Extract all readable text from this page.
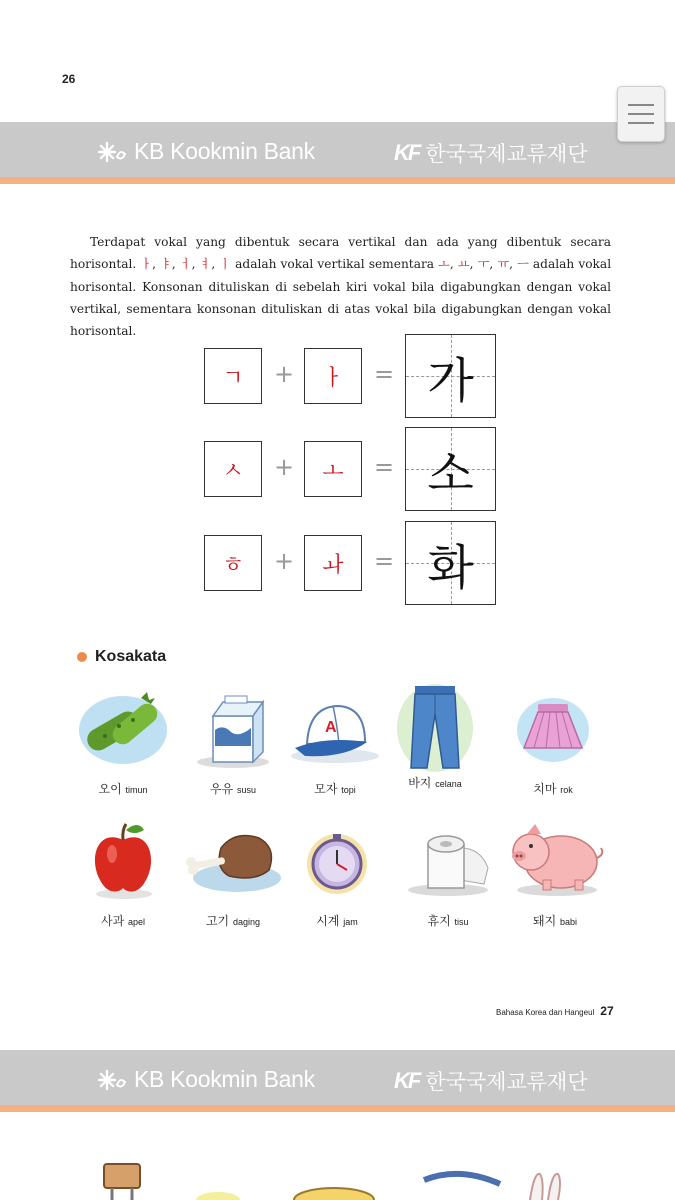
26
KB Kookmin Bank	KF 한국국제교류재단

Terdapat vokal yang dibentuk secara vertikal dan ada yang dibentuk secara horisontal. ㅏ, ㅑ, ㅓ, ㅕ, ㅣ adalah vokal vertikal sementara ㅗ, ㅛ, ㅜ, ㅠ, ㅡ adalah vokal horisontal. Konsonan dituliskan di sebelah kiri vokal bila digabungkan dengan vokal vertikal, sementara konsonan dituliskan di atas vokal bila digabungkan dengan vokal horisontal.

ㄱ	+	ㅏ	= 가
ㅅ	+	ㅗ	= 소
ㅎ	+	ㅘ	= 화
Kosakata
오이 timun	우유 susu
A
모자 topi	바지 celana	치마 rok
사과 apel	고기 daging	시계 jam	휴지 tisu	돼지 babi
Bahasa Korea dan Hangeul 27
KB Kookmin Bank	KF 한국국제교류재단
